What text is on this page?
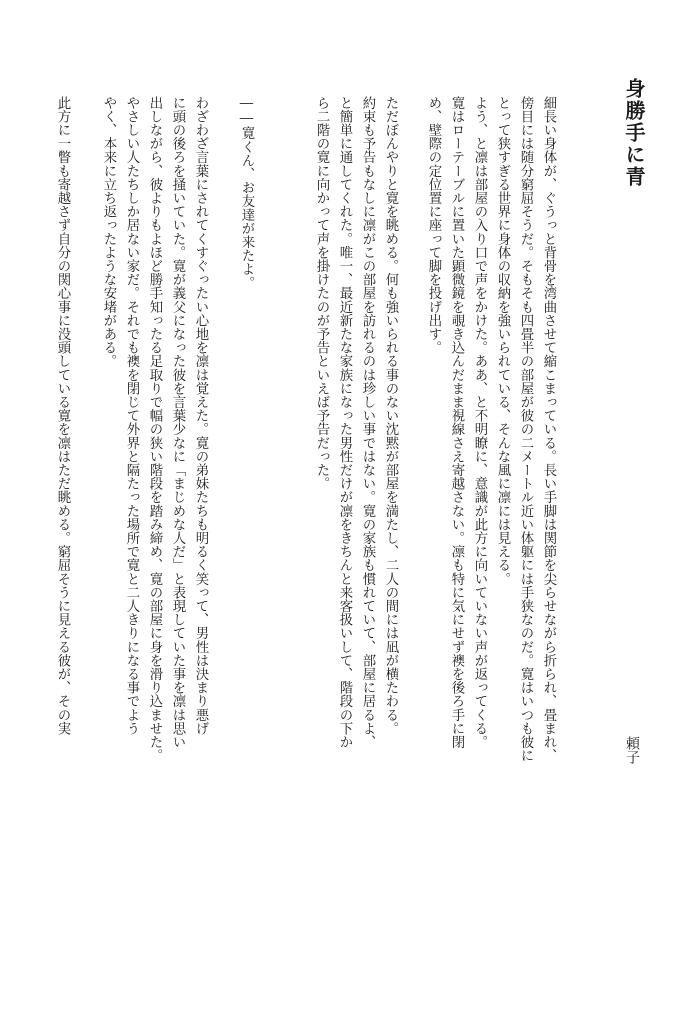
身勝手に青
頼子

細長い身体が、ぐうっと背骨を湾曲させて縮こまっている。長い手脚は関節を尖らせながら折られ、畳まれ、

傍目には随分窮屈そうだ。そもそも四畳半の部屋が彼の二メートル近い体躯には手狭なのだ。寛はいつも彼に

とって狭すぎる世界に身体の収納を強いられている、そんな風に凛には見える。

よう、と凛は部屋の入り口で声をかけた。ああ、と不明瞭に、意識が此方に向いていない声が返ってくる。

寛はローテーブルに置いた顕微鏡を覗き込んだまま視線さえ寄越さない。凛も特に気にせず襖を後ろ手に閉

め、壁際の定位置に座って脚を投げ出す。

ただぼんやりと寛を眺める。何も強いられる事のない沈黙が部屋を満たし、二人の間には凪が横たわる。

約束も予告もなしに凛がこの部屋を訪れるのは珍しい事ではない。寛の家族も慣れていて、部屋に居るよ、

と簡単に通してくれた。唯一、最近新たな家族になった男性だけが凛をきちんと来客扱いして、階段の下か

ら二階の寛に向かって声を掛けたのが予告といえば予告だった。

――寛くん、お友達が来たよ。

わざわざ言葉にされてくすぐったい心地を凛は覚えた。寛の弟妹たちも明るく笑って、男性は決まり悪げ

に頭の後ろを掻いていた。寛が義父になった彼を言葉少なに「まじめな人だ」と表現していた事を凛は思い

出しながら、彼よりもよほど勝手知ったる足取りで幅の狭い階段を踏み締め、寛の部屋に身を滑り込ませた。

やさしい人たちしか居ない家だ。それでも襖を閉じて外界と隔たった場所で寛と二人きりになる事でよう

やく、本来に立ち返ったような安堵がある。

此方に一瞥も寄越さず自分の関心事に没頭している寛を凛はただ眺める。窮屈そうに見える彼が、その実
